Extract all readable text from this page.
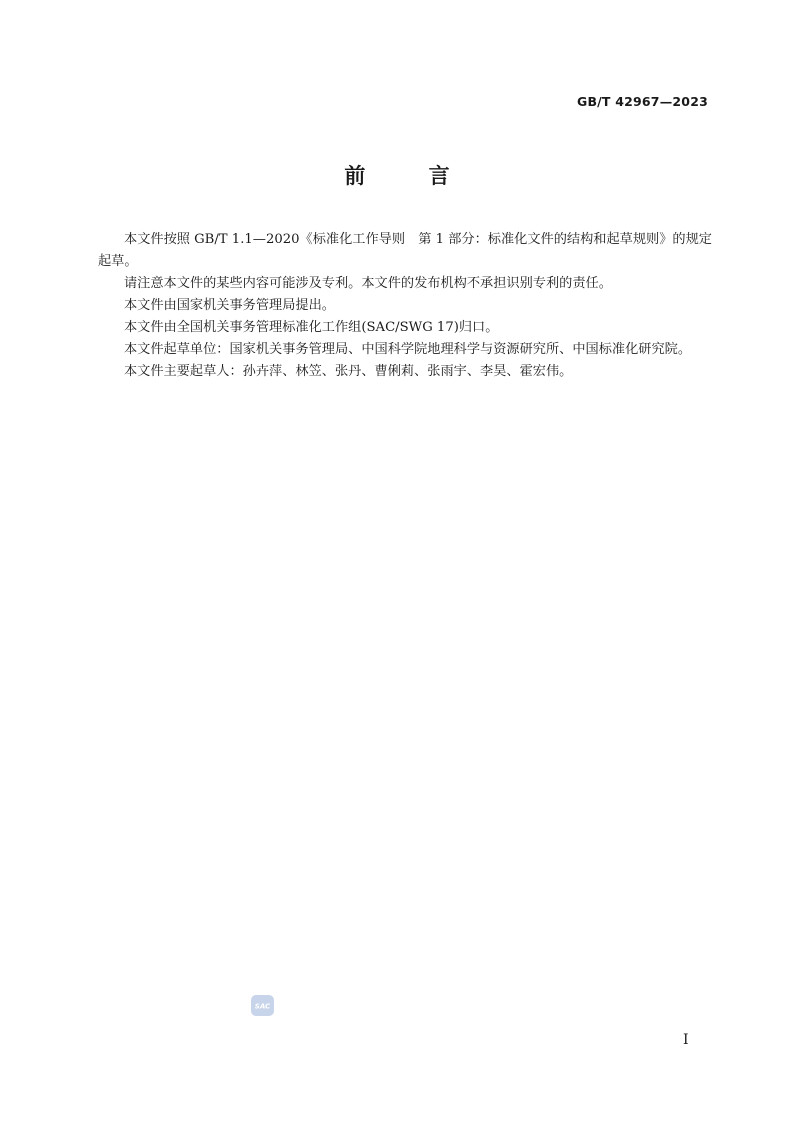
GB/T 42967—2023
前 言

本文件按照 GB/T 1.1—2020《标准化工作导则　第 1 部分：标准化文件的结构和起草规则》的规定起草。

请注意本文件的某些内容可能涉及专利。本文件的发布机构不承担识别专利的责任。

本文件由国家机关事务管理局提出。

本文件由全国机关事务管理标准化工作组(SAC/SWG 17)归口。

本文件起草单位：国家机关事务管理局、中国科学院地理科学与资源研究所、中国标准化研究院。

本文件主要起草人：孙卉萍、林笠、张丹、曹俐莉、张雨宇、李昊、霍宏伟。

SAC
I
